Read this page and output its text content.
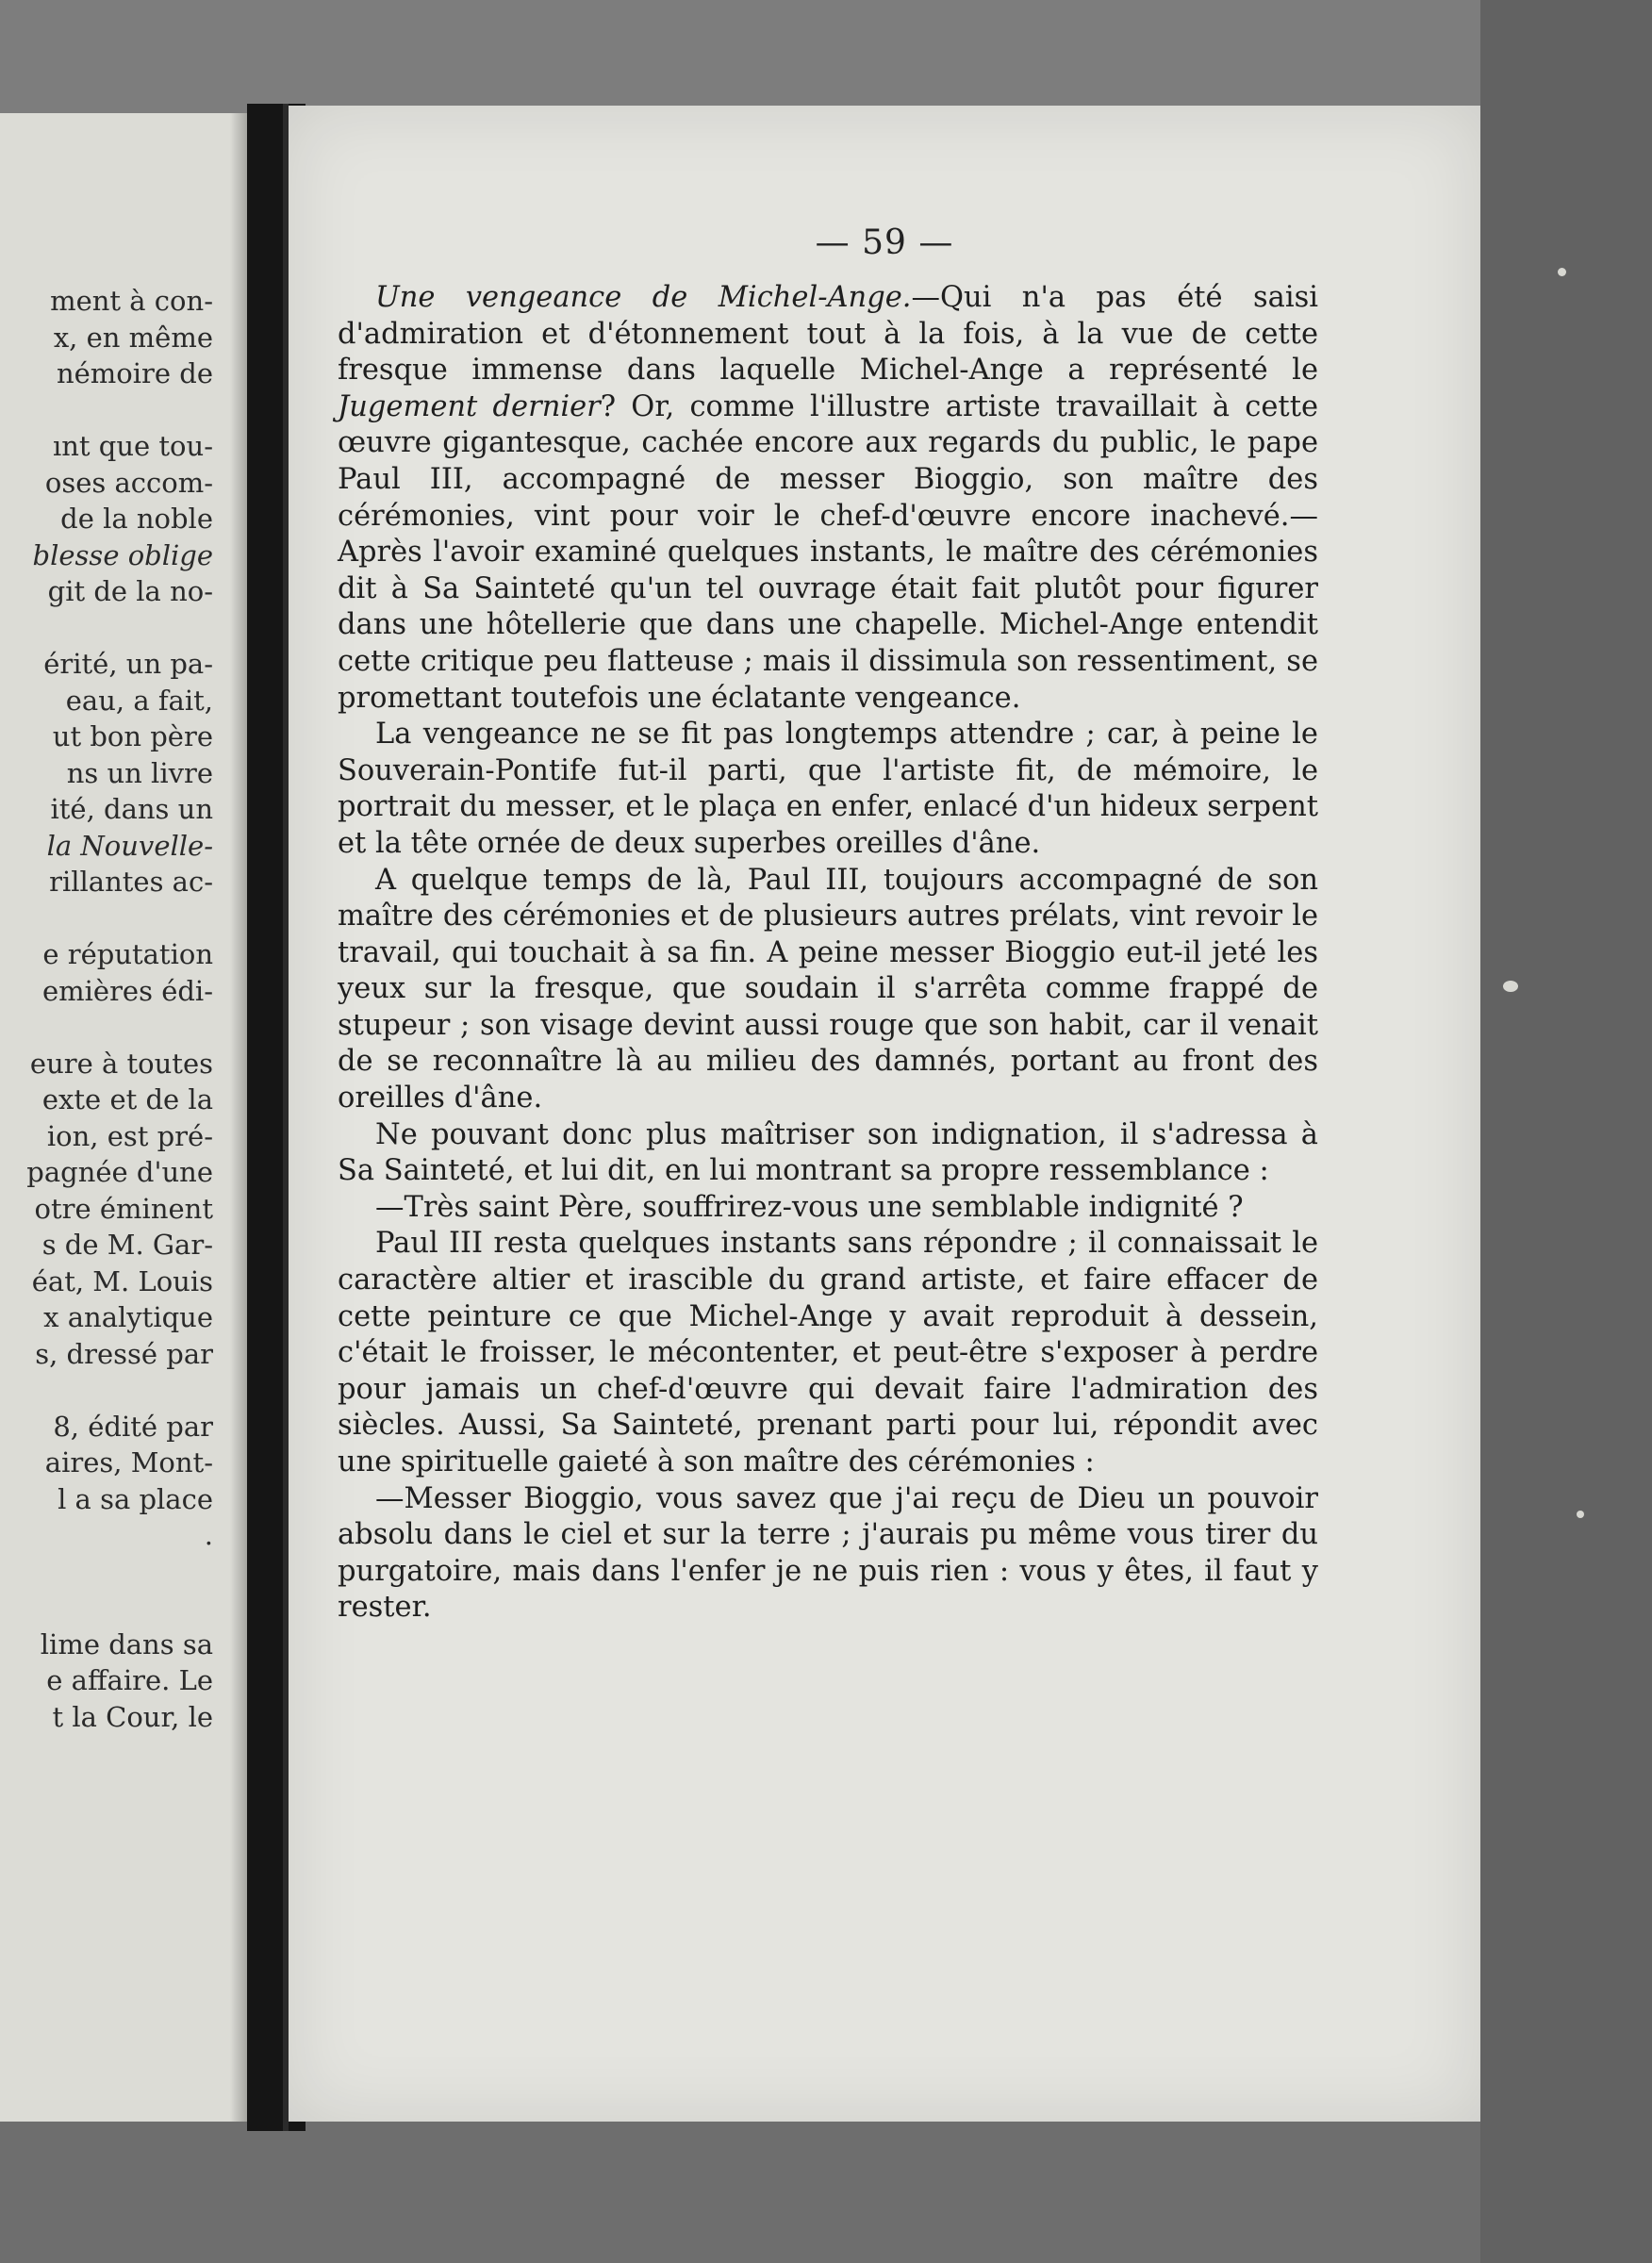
ment à con-
x, en même
némoire de
ınt que tou-
oses accom-
de la noble
blesse oblige
git de la no-
érité, un pa-
eau, a fait,
ut bon père
ns un livre
ité, dans un
la Nouvelle-
rillantes ac-
e réputation
emières édi-
eure à toutes
exte et de la
ion, est pré-
pagnée d'une
otre éminent
s de M. Gar-
éat, M. Louis
x analytique
s, dressé par
8, édité par
aires, Mont-
l a sa place
.
lime dans sa
e affaire. Le
t la Cour, le
— 59 —

Une vengeance de Michel-Ange.—Qui n'a pas été saisi d'admiration et d'étonnement tout à la fois, à la vue de cette fresque immense dans laquelle Michel-Ange a représenté le Jugement dernier? Or, comme l'illustre artiste travaillait à cette œuvre gigantesque, cachée encore aux regards du public, le pape Paul III, accompagné de messer Bioggio, son maître des cérémonies, vint pour voir le chef-d'œuvre encore inachevé.—Après l'avoir examiné quelques instants, le maître des cérémonies dit à Sa Sainteté qu'un tel ouvrage était fait plutôt pour figurer dans une hôtellerie que dans une chapelle. Michel-Ange entendit cette critique peu flatteuse ; mais il dissimula son ressentiment, se promettant toutefois une éclatante vengeance.

La vengeance ne se fit pas longtemps attendre ; car, à peine le Souverain-Pontife fut-il parti, que l'artiste fit, de mémoire, le portrait du messer, et le plaça en enfer, enlacé d'un hideux serpent et la tête ornée de deux superbes oreilles d'âne.

A quelque temps de là, Paul III, toujours accompagné de son maître des cérémonies et de plusieurs autres prélats, vint revoir le travail, qui touchait à sa fin. A peine messer Bioggio eut-il jeté les yeux sur la fresque, que soudain il s'arrêta comme frappé de stupeur ; son visage devint aussi rouge que son habit, car il venait de se reconnaître là au milieu des damnés, portant au front des oreilles d'âne.

Ne pouvant donc plus maîtriser son indignation, il s'adressa à Sa Sainteté, et lui dit, en lui montrant sa propre ressemblance :

—Très saint Père, souffrirez-vous une semblable indignité ?

Paul III resta quelques instants sans répondre ; il connaissait le caractère altier et irascible du grand artiste, et faire effacer de cette peinture ce que Michel-Ange y avait reproduit à dessein, c'était le froisser, le mécontenter, et peut-être s'exposer à perdre pour jamais un chef-d'œuvre qui devait faire l'admiration des siècles. Aussi, Sa Sainteté, prenant parti pour lui, répondit avec une spirituelle gaieté à son maître des cérémonies :

—Messer Bioggio, vous savez que j'ai reçu de Dieu un pouvoir absolu dans le ciel et sur la terre ; j'aurais pu même vous tirer du purgatoire, mais dans l'enfer je ne puis rien : vous y êtes, il faut y rester.
